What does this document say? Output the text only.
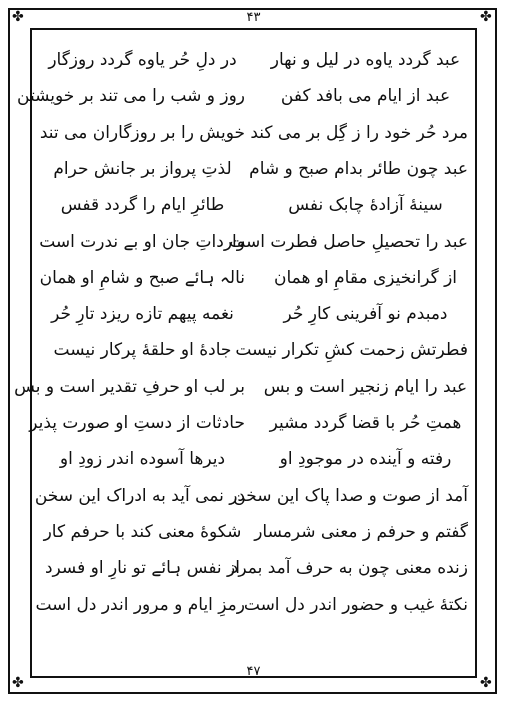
✤	✤
✤	✤
۴۳
عبد گردد یاوه در لیل و نهار
در دلِ حُر یاوه گردد روزگار
عبد از ایام می بافد کفن
روز و شب را می تند بر خویشتن
مرد حُر خود را ز گِل بر می کند
خویش را بر روزگاران می تند
عبد چون طائر بدام صبح و شام
لذتِ پرواز بر جانش حرام
سینهٔ آزادهٔ چابک نفس
طائرِ ایام را گردد قفس
عبد را تحصیلِ حاصل فطرت است
وارداتِ جان او بے ندرت است
از گرانخیزی مقامِ او همان
نالہ ہائے صبح و شامِ او همان
دمبدم نو آفرینی کارِ حُر
نغمه پیهم تازه ریزد تارِ حُر
فطرتش زحمت کشِ تکرار نیست
جادهٔ او حلقهٔ پرکار نیست
عبد را ایام زنجیر است و بس
بر لب او حرفِ تقدیر است و بس
همتِ حُر با قضا گردد مشیر
حادثات از دستِ او صورت پذیر
رفته و آینده در موجودِ او
دیرها آسوده اندر زودِ او
آمد از صوت و صدا پاک این سخن
در نمی آید به ادراک این سخن
گفتم و حرفم ز معنی شرمسار
شکوهٔ معنی کند با حرفم کار
زنده معنی چون به حرف آمد بمرد
از نفس ہائے تو نارِ او فسرد
نکتهٔ غیب و حضور اندر دل است
رمزِ ایام و مرور اندر دل است
۴۷
